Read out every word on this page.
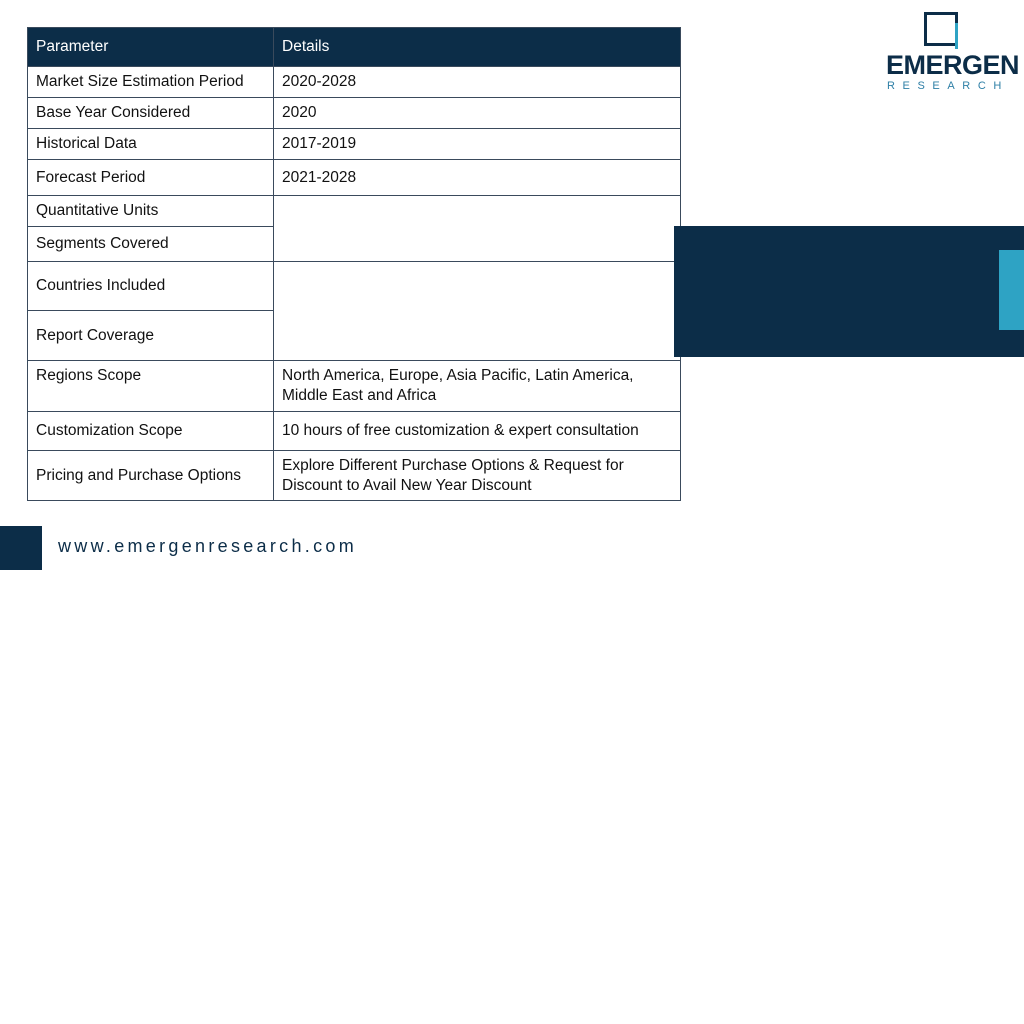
Parameter	Details
Market Size Estimation Period	2020-2028
Base Year Considered	2020
Historical Data	2017-2019
Forecast Period	2021-2028
Quantitative Units	
Segments Covered	
Countries Included	
Report Coverage	
Regions Scope	North America, Europe, Asia Pacific, Latin America, Middle East and Africa
Customization Scope	10 hours of free customization & expert consultation
Pricing and Purchase Options	Explore Different Purchase Options & Request for Discount to Avail New Year Discount
EMERGEN
RESEARCH
www.emergenresearch.com
